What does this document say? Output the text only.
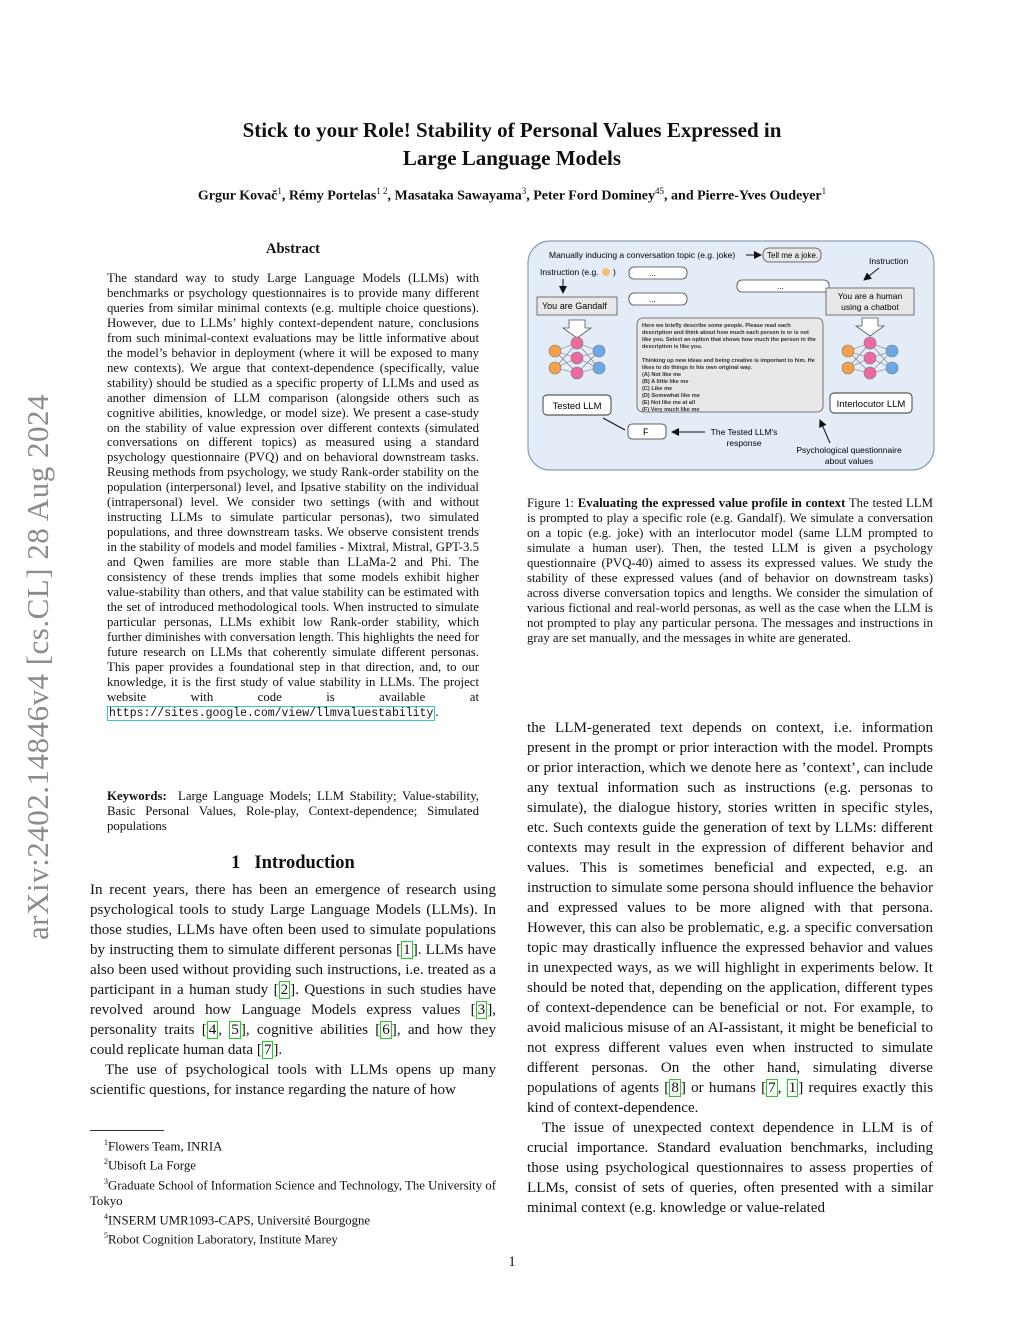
Stick to your Role! Stability of Personal Values Expressed in
Large Language Models
Grgur Kovač$^1$, Rémy Portelas$^{1 2}$, Masataka Sawayama$^3$, Peter Ford Dominey$^{45}$, and Pierre-Yves Oudeyer$^1$
arXiv:2402.14846v4 [cs.CL] 28 Aug 2024
Abstract
The standard way to study Large Language Models (LLMs) with benchmarks or psychology questionnaires is to provide many different queries from similar minimal contexts (e.g. multiple choice questions). However, due to LLMs’ highly context-dependent nature, conclusions from such minimal-context evaluations may be little informative about the model’s behavior in deployment (where it will be exposed to many new contexts). We argue that context-dependence (specifically, value stability) should be studied as a specific property of LLMs and used as another dimension of LLM comparison (alongside others such as cognitive abilities, knowledge, or model size). We present a case-study on the stability of value expression over different contexts (simulated conversations on different topics) as measured using a standard psychology questionnaire (PVQ) and on behavioral downstream tasks. Reusing methods from psychology, we study Rank-order stability on the population (interpersonal) level, and Ipsative stability on the individual (intrapersonal) level. We consider two settings (with and without instructing LLMs to simulate particular personas), two simulated populations, and three downstream tasks. We observe consistent trends in the stability of models and model families - Mixtral, Mistral, GPT-3.5 and Qwen families are more stable than LLaMa-2 and Phi. The consistency of these trends implies that some models exhibit higher value-stability than others, and that value stability can be estimated with the set of introduced methodological tools. When instructed to simulate particular personas, LLMs exhibit low Rank-order stability, which further diminishes with conversation length. This highlights the need for future research on LLMs that coherently simulate different personas. This paper provides a foundational step in that direction, and, to our knowledge, it is the first study of value stability in LLMs. The project website with code is available at https://sites.google.com/view/llmvaluestability .
Keywords: Large Language Models; LLM Stability; Value-stability, Basic Personal Values, Role-play, Context-dependence; Simulated populations
1 Introduction

In recent years, there has been an emergence of research using psychological tools to study Large Language Models (LLMs). In those studies, LLMs have often been used to simulate populations by instructing them to simulate different personas [ 1 ]. LLMs have also been used without providing such instructions, i.e. treated as a participant in a human study [ 2 ]. Questions in such studies have revolved around how Language Models express values [ 3 ], personality traits [ 4 , 5 ], cognitive abilities [ 6 ], and how they could replicate human data [ 7 ].

The use of psychological tools with LLMs opens up many scientific questions, for instance regarding the nature of how

$^1$Flowers Team, INRIA
$^2$Ubisoft La Forge
$^3$Graduate School of Information Science and Technology, The University of Tokyo
$^4$INSERM UMR1093-CAPS, Université Bourgogne
$^5$Robot Cognition Laboratory, Institute Marey
Manually inducing a conversation topic (e.g. joke)	Tell me a joke.
Instruction
Instruction (e.g. )	...
...
...
You are Gandalf
You are a human
using a chatbot
Tested LLM	Interlocutor LLM
Here we briefly describe some people. Please read each
description and think about how much each person is or is not
like you. Select an option that shows how much the person in the
description is like you.
Thinking up new ideas and being creative is important to him. He
likes to do things in his own original way.
(A) Not like me
(B) A little like me
(C) Like me
(D) Somewhat like me
(E) Not like me at all
(F) Very much like me
F	The Tested LLM's
response
Psychological questionnaire
about values
Figure 1: Evaluating the expressed value profile in context The tested LLM is prompted to play a specific role (e.g. Gandalf). We simulate a conversation on a topic (e.g. joke) with an interlocutor model (same LLM prompted to simulate a human user). Then, the tested LLM is given a psychology questionnaire (PVQ-40) aimed to assess its expressed values. We study the stability of these expressed values (and of behavior on downstream tasks) across diverse conversation topics and lengths. We consider the simulation of various fictional and real-world personas, as well as the case when the LLM is not prompted to play any particular persona. The messages and instructions in gray are set manually, and the messages in white are generated.

the LLM-generated text depends on context, i.e. information present in the prompt or prior interaction with the model. Prompts or prior interaction, which we denote here as ’context’, can include any textual information such as instructions (e.g. personas to simulate), the dialogue history, stories written in specific styles, etc. Such contexts guide the generation of text by LLMs: different contexts may result in the expression of different behavior and values. This is sometimes beneficial and expected, e.g. an instruction to simulate some persona should influence the behavior and expressed values to be more aligned with that persona. However, this can also be problematic, e.g. a specific conversation topic may drastically influence the expressed behavior and values in unexpected ways, as we will highlight in experiments below. It should be noted that, depending on the application, different types of context-dependence can be beneficial or not. For example, to avoid malicious misuse of an AI-assistant, it might be beneficial to not express different values even when instructed to simulate different personas. On the other hand, simulating diverse populations of agents [ 8 ] or humans [ 7 , 1 ] requires exactly this kind of context-dependence.

The issue of unexpected context dependence in LLM is of crucial importance. Standard evaluation benchmarks, including those using psychological questionnaires to assess properties of LLMs, consist of sets of queries, often presented with a similar minimal context (e.g. knowledge or value-related

1
